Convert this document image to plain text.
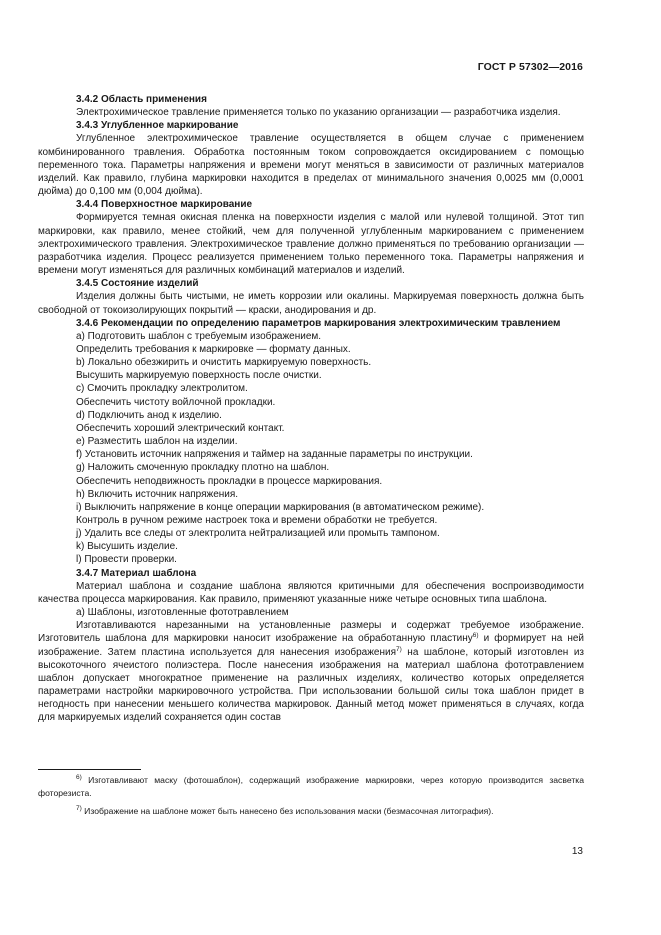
ГОСТ Р 57302—2016

3.4.2 Область применения

Электрохимическое травление применяется только по указанию организации — разработчика изделия.

3.4.3 Углубленное маркирование

Углубленное электрохимическое травление осуществляется в общем случае с применением комбинированного травления. Обработка постоянным током сопровождается оксидированием с помощью переменного тока. Параметры напряжения и времени могут меняться в зависимости от различных материалов изделий. Как правило, глубина маркировки находится в пределах от минимального значения 0,0025 мм (0,0001 дюйма) до 0,100 мм (0,004 дюйма).

3.4.4 Поверхностное маркирование

Формируется темная окисная пленка на поверхности изделия с малой или нулевой толщиной. Этот тип маркировки, как правило, менее стойкий, чем для полученной углубленным маркированием с применением электрохимического травления. Электрохимическое травление должно применяться по требованию организации — разработчика изделия. Процесс реализуется применением только переменного тока. Параметры напряжения и времени могут изменяться для различных комбинаций материалов и изделий.

3.4.5 Состояние изделий

Изделия должны быть чистыми, не иметь коррозии или окалины. Маркируемая поверхность должна быть свободной от токоизолирующих покрытий — краски, анодирования и др.

3.4.6 Рекомендации по определению параметров маркирования электрохимическим травлением

а) Подготовить шаблон с требуемым изображением.

Определить требования к маркировке — формату данных.

b) Локально обезжирить и очистить маркируемую поверхность.

Высушить маркируемую поверхность после очистки.

c) Смочить прокладку электролитом.

Обеспечить чистоту войлочной прокладки.

d) Подключить анод к изделию.

Обеспечить хороший электрический контакт.

e) Разместить шаблон на изделии.

f) Установить источник напряжения и таймер на заданные параметры по инструкции.

g) Наложить смоченную прокладку плотно на шаблон.

Обеспечить неподвижность прокладки в процессе маркирования.

h) Включить источник напряжения.

i) Выключить напряжение в конце операции маркирования (в автоматическом режиме).

Контроль в ручном режиме настроек тока и времени обработки не требуется.

j) Удалить все следы от электролита нейтрализацией или промыть тампоном.

k) Высушить изделие.

l) Провести проверки.

3.4.7 Материал шаблона

Материал шаблона и создание шаблона являются критичными для обеспечения воспроизводимости качества процесса маркирования. Как правило, применяют указанные ниже четыре основных типа шаблона.

а) Шаблоны, изготовленные фототравлением

Изготавливаются нарезанными на установленные размеры и содержат требуемое изображение. Изготовитель шаблона для маркировки наносит изображение на обработанную пластину$^{6)}$ и формирует на ней изображение. Затем пластина используется для нанесения изображения$^{7)}$ на шаблоне, который изготовлен из высокоточного ячеистого полиэстера. После нанесения изображения на материал шаблона фототравлением шаблон допускает многократное применение на различных изделиях, количество которых определяется параметрами настройки маркировочного устройства. При использовании большой силы тока шаблон придет в негодность при нанесении меньшего количества маркировок. Данный метод может применяться в случаях, когда для маркируемых изделий сохраняется один состав

$^{6)}$ Изготавливают маску (фотошаблон), содержащий изображение маркировки, через которую производится засветка фоторезиста.

$^{7)}$ Изображение на шаблоне может быть нанесено без использования маски (безмасочная литография).

13
